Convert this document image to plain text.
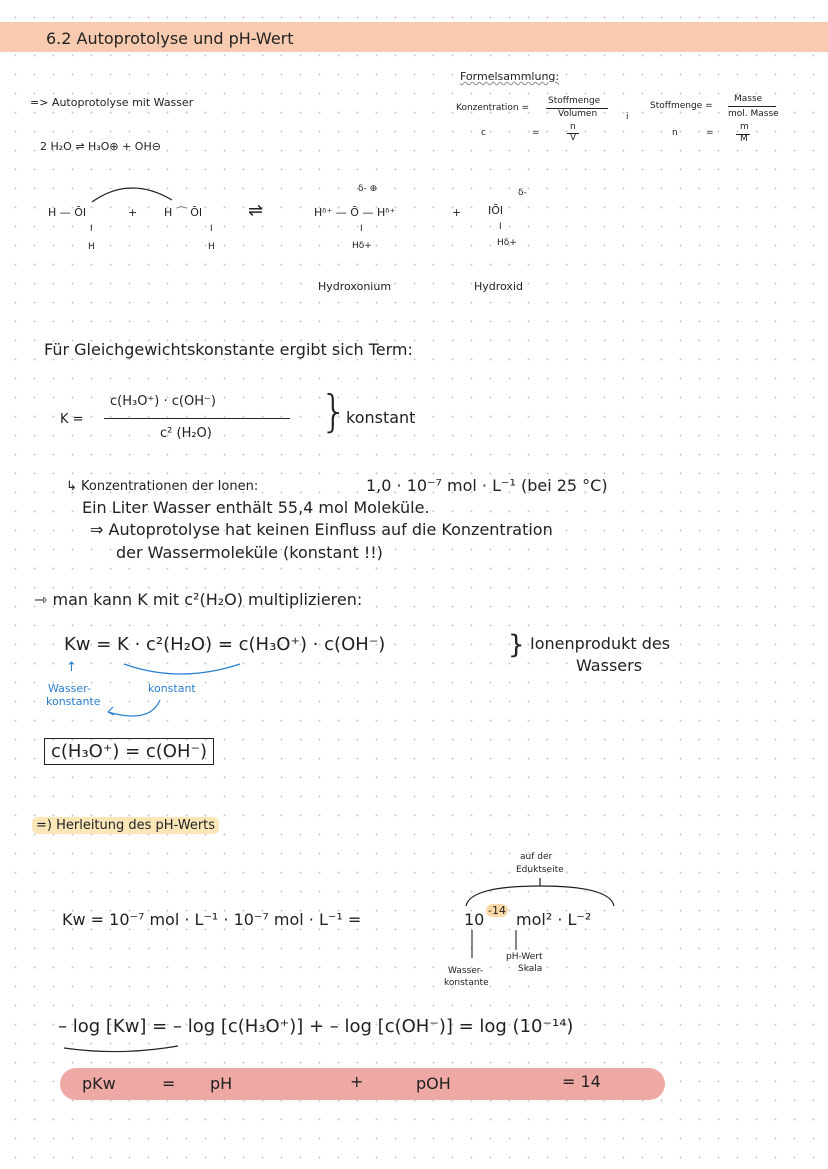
6.2 Autoprotolyse und pH-Wert
Formelsammlung:
Konzentration =
Stoffmenge
Volumen
c	=
n
V
i
Stoffmenge =
Masse
mol. Masse
n	=
m
M
=> Autoprotolyse mit Wasser
2 H₂O ⇌ H₃O⊕ + OH⊖
H — ŌI
I
H
+ H ⌒ ŌI
I
H
⇌
δ- ⊕
Hᵟ⁺ — Ō — Hᵟ⁺
I
Hδ+
+
δ-
IŌI
I
Hδ+
Hydroxonium	Hydroxid
Für Gleichgewichtskonstante ergibt sich Term:
K =
c(H₃O⁺) · c(OH⁻)
c² (H₂O) }
konstant
↳ Konzentrationen der Ionen:	1,0 · 10⁻⁷ mol · L⁻¹ (bei 25 °C)
Ein Liter Wasser enthält 55,4 mol Moleküle.
⇒ Autoprotolyse hat keinen Einfluss auf die Konzentration
der Wassermoleküle (konstant !!)
⇾ man kann K mit c²(H₂O) multiplizieren:
Kw = K · c²(H₂O) = c(H₃O⁺) · c(OH⁻)	} Ionenprodukt des
Wassers
↑
Wasser-
konstante
konstant
c(H₃O⁺) = c(OH⁻)
=) Herleitung des pH-Werts
auf der
Eduktseite
Kw = 10⁻⁷ mol · L⁻¹ · 10⁻⁷ mol · L⁻¹ =	10 -14 mol² · L⁻²
Wasser-
konstante
pH-Wert
Skala
– log [Kw] = – log [c(H₃O⁺)] + – log [c(OH⁻)] = log (10⁻¹⁴)
pKw	= pH	+	pOH	= 14
